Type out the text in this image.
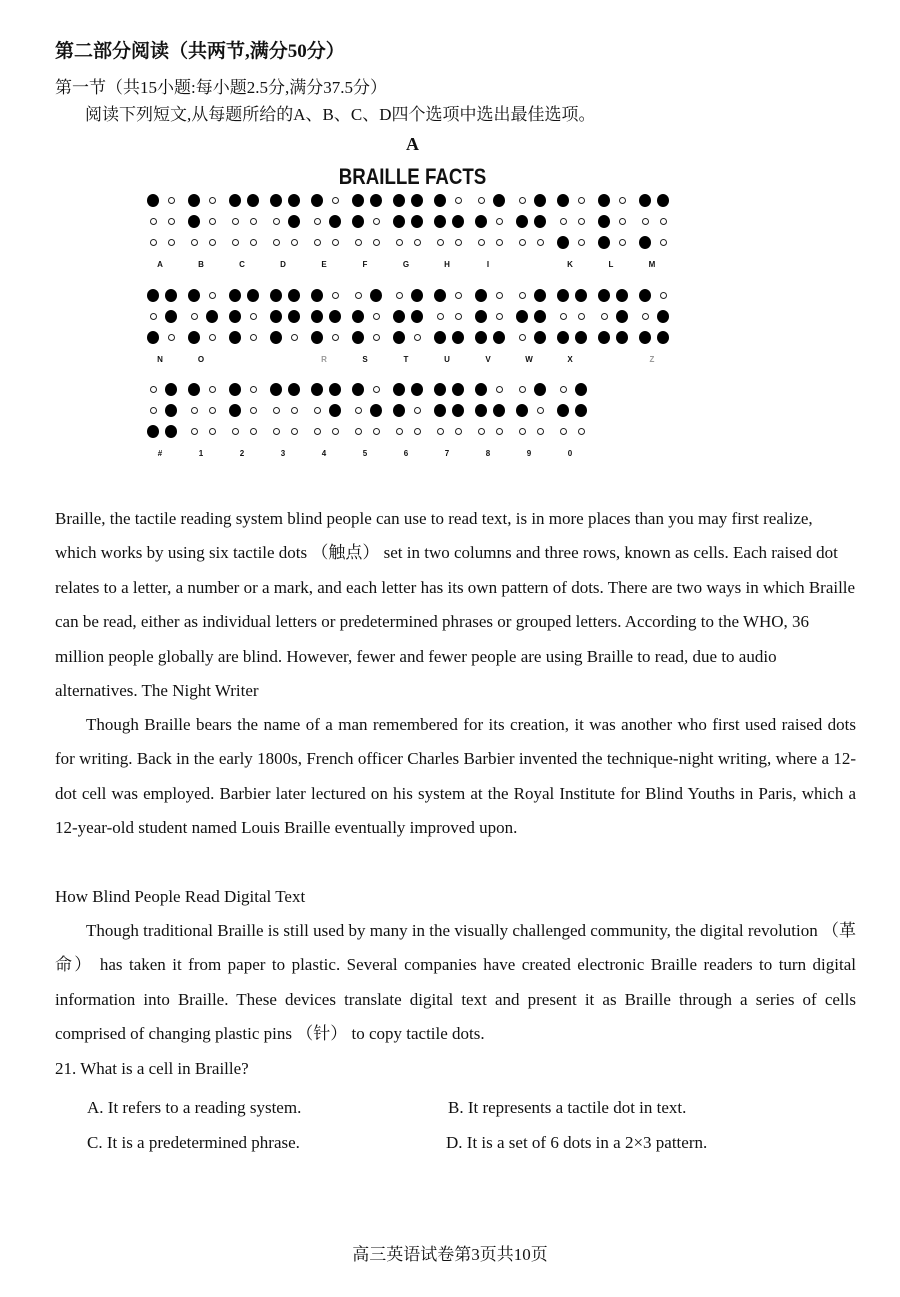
第二部分阅读（共两节,满分50分）
第一节（共15小题:每小题2.5分,满分37.5分）
阅读下列短文,从每题所给的A、B、C、D四个选项中选出最佳选项。
A
BRAILLE FACTS
A	B	C	D	E	F	G	H	I	K	L	M
N	O	R	S	T	U	V	W	X	Z
#	1	2	3	4	5	6	7	8	9	0
Braille, the tactile reading system blind people can use to read text, is in more places than you may first realize, which works by using six tactile dots （触点） set in two columns and three rows, known as cells. Each raised dot relates to a letter, a number or a mark, and each letter has its own pattern of dots. There are two ways in which Braille can be read, either as individual letters or predetermined phrases or grouped letters. According to the WHO, 36 million people globally are blind. However, fewer and fewer people are using Braille to read, due to audio alternatives. The Night Writer
Though Braille bears the name of a man remembered for its creation, it was another who first used raised dots for writing. Back in the early 1800s, French officer Charles Barbier invented the technique-night writing, where a 12-dot cell was employed. Barbier later lectured on his system at the Royal Institute for Blind Youths in Paris, which a 12-year-old student named Louis Braille eventually improved upon.
How Blind People Read Digital Text
Though traditional Braille is still used by many in the visually challenged community, the digital revolution （革命） has taken it from paper to plastic. Several companies have created electronic Braille readers to turn digital information into Braille. These devices translate digital text and present it as Braille through a series of cells comprised of changing plastic pins （针） to copy tactile dots.
21. What is a cell in Braille?
A. It refers to a reading system.	B. It represents a tactile dot in text.
C. It is a predetermined phrase.	D. It is a set of 6 dots in a 2×3 pattern.
高三英语试卷第3页共10页
